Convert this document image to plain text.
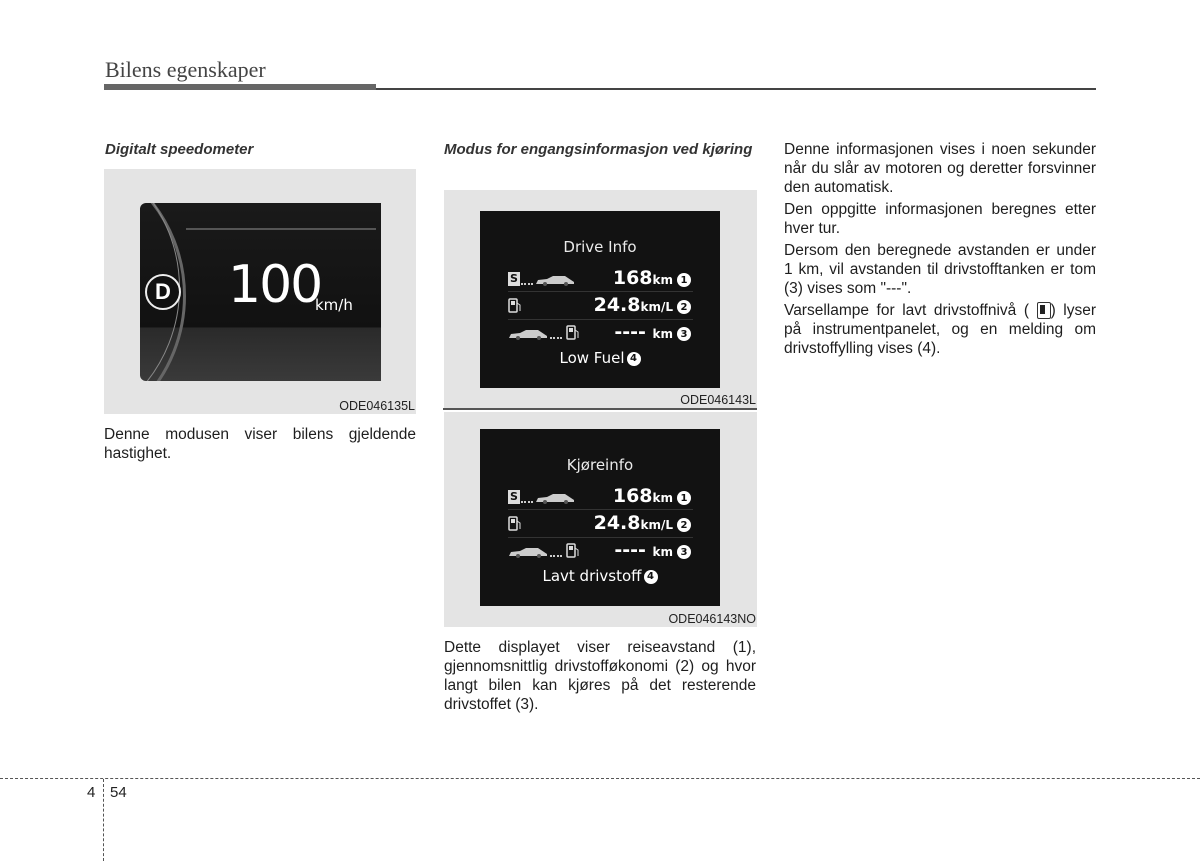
Bilens egenskaper
Digitalt speedometer
D 100
km/h
ODE046135L
Denne modusen viser bilens gjeldende hastighet.
Modus for engangsinformasjon ved kjøring
Drive Info
S	168km 1
24.8km/L 2
---- km 3
Low Fuel 4
ODE046143L
Kjøreinfo
S	168km 1
24.8km/L 2
---- km 3
Lavt drivstoff 4
ODE046143NO
Dette displayet viser reiseavstand (1), gjennomsnittlig drivstofføkonomi (2) og hvor langt bilen kan kjøres på det resterende drivstoffet (3).

Denne informasjonen vises i noen sekunder når du slår av motoren og deretter forsvinner den automatisk.

Den oppgitte informasjonen beregnes etter hver tur.

Dersom den beregnede avstanden er under 1 km, vil avstanden til drivstofftanken er tom (3) vises som "---".

Varsellampe for lavt drivstoffnivå ( ) lyser på instrumentpanelet, og en melding om drivstoffylling vises (4).

4 54
